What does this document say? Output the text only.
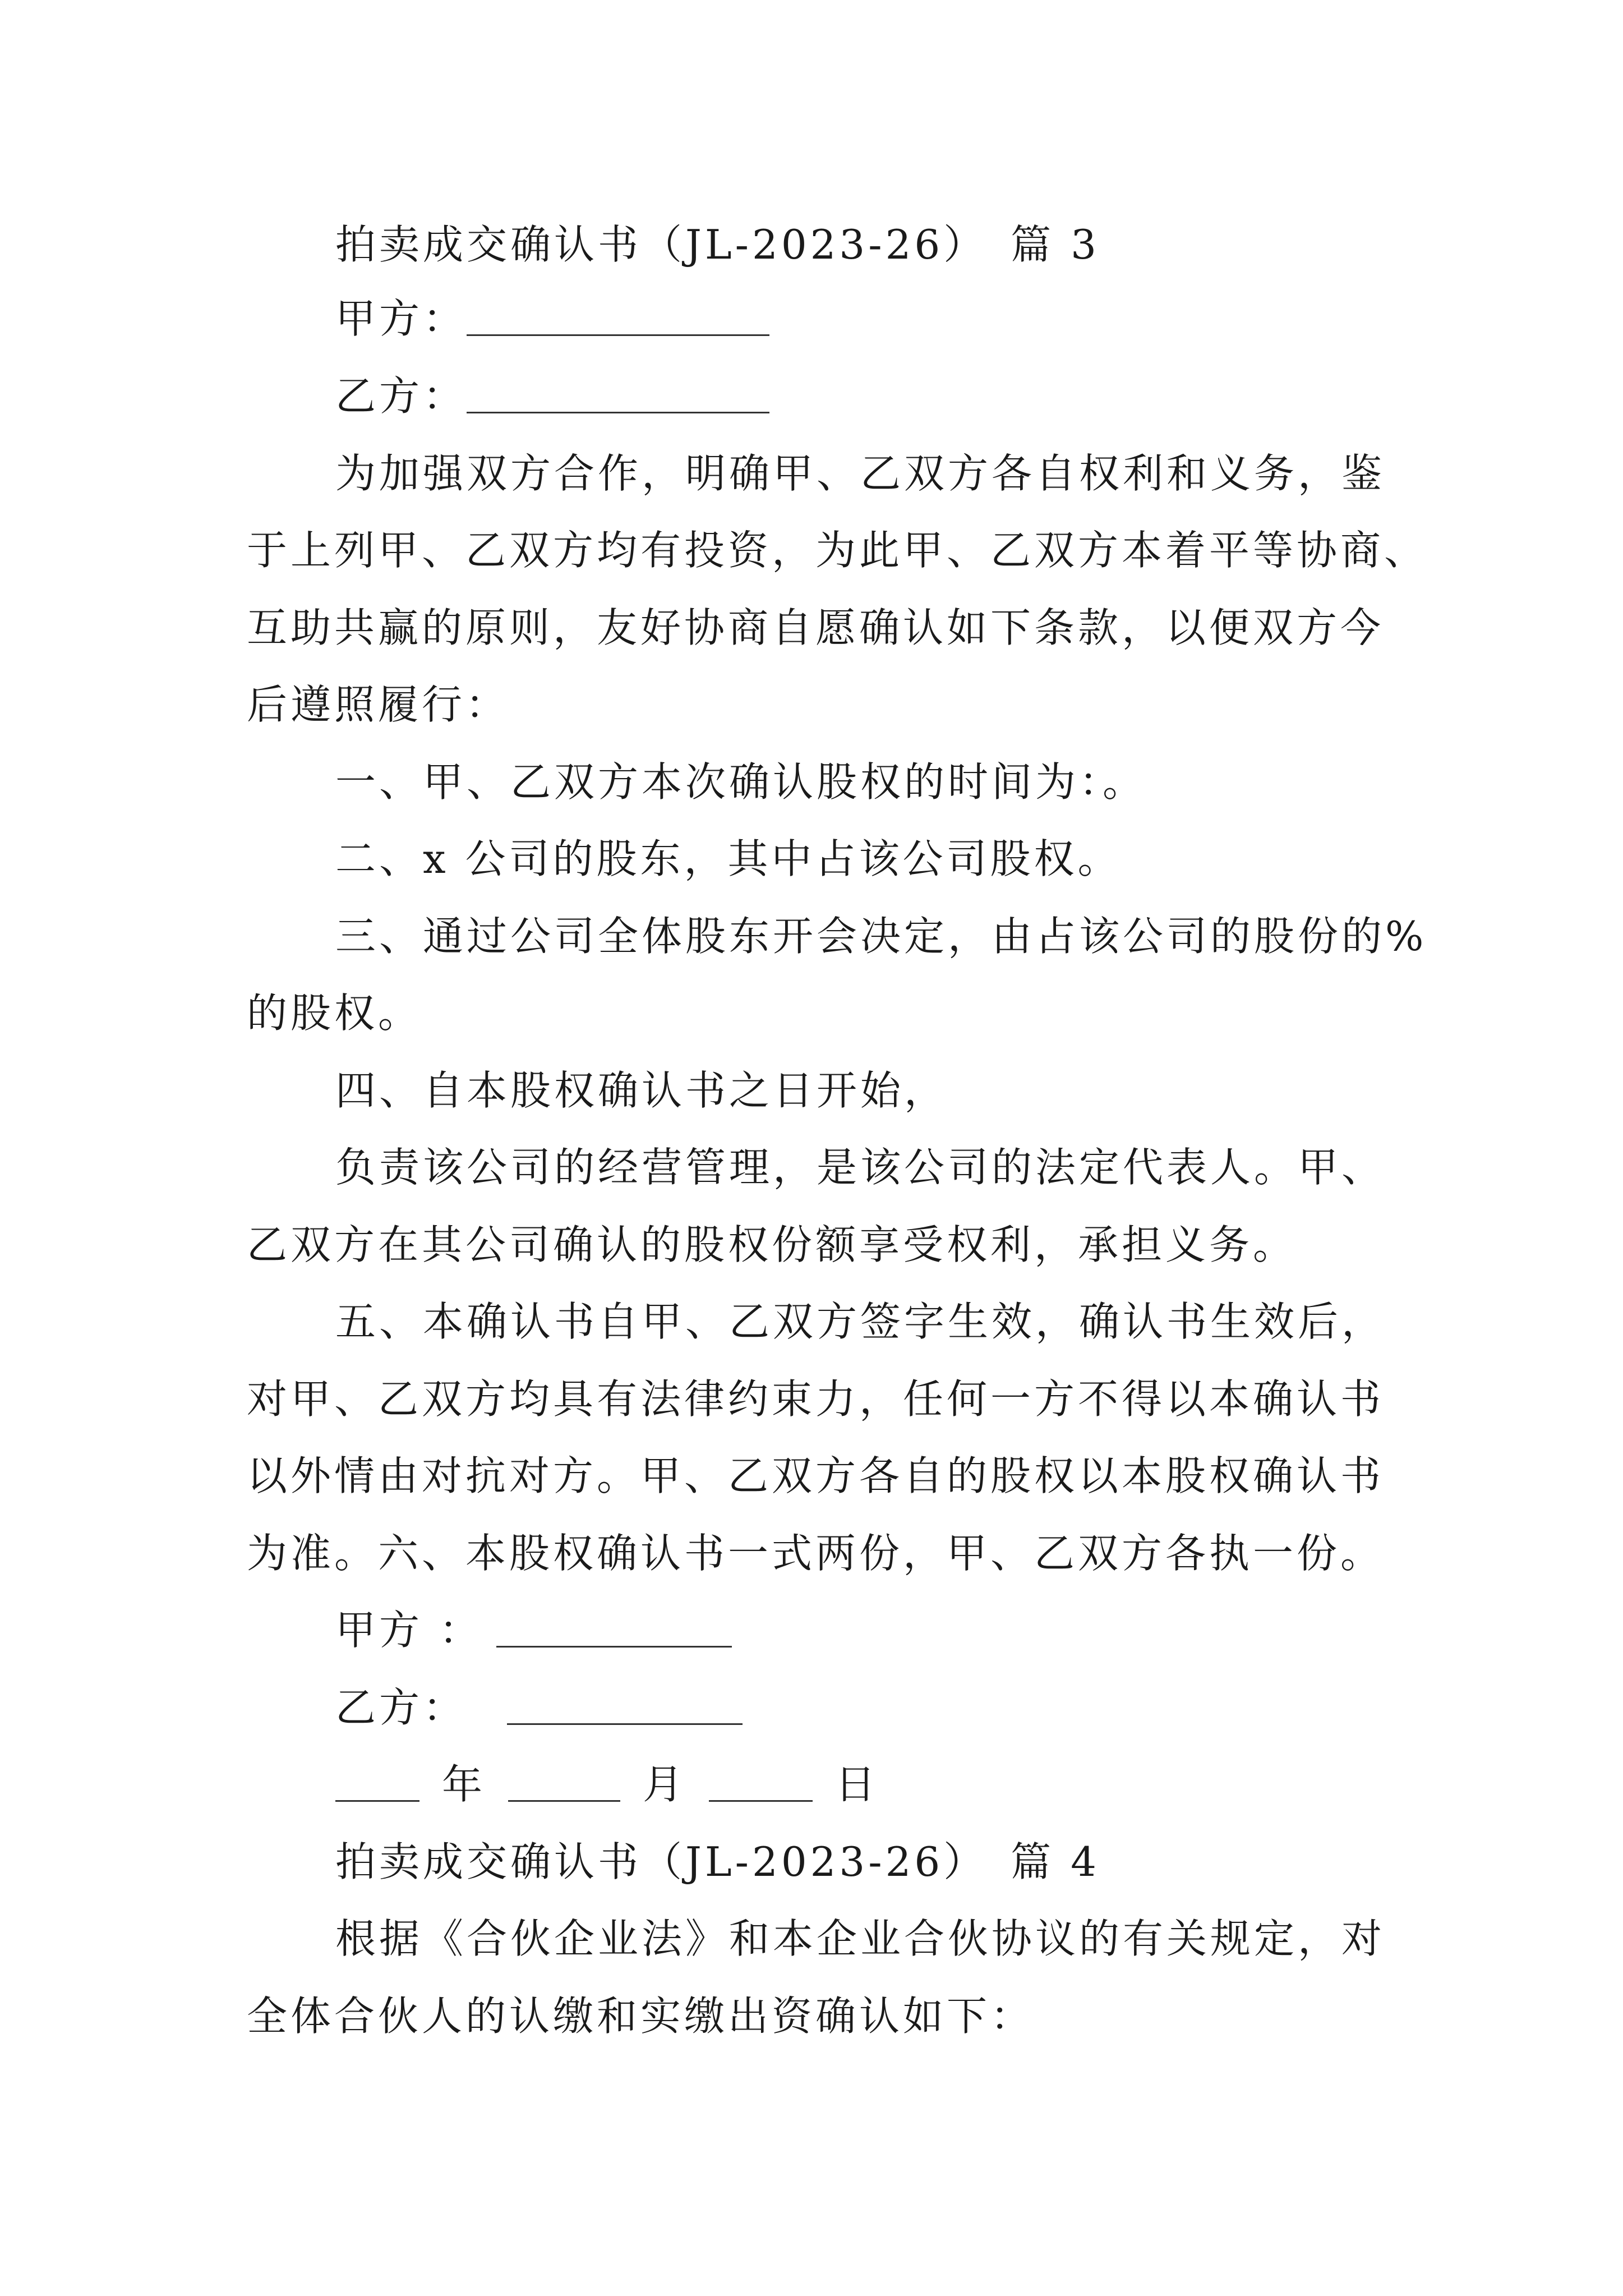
拍卖成交确认书（JL-2023-26）　篇 3
甲方：
乙方：
为加强双方合作，明确甲、乙双方各自权利和义务，鉴
于上列甲、乙双方均有投资，为此甲、乙双方本着平等协商、
互助共赢的原则，友好协商自愿确认如下条款，以便双方今
后遵照履行：
一、甲、乙双方本次确认股权的时间为：。
二、x 公司的股东，其中占该公司股权。
三、通过公司全体股东开会决定，由占该公司的股份的%
的股权。
四、自本股权确认书之日开始，
负责该公司的经营管理，是该公司的法定代表人。甲、
乙双方在其公司确认的股权份额享受权利，承担义务。
五、本确认书自甲、乙双方签字生效，确认书生效后，
对甲、乙双方均具有法律约束力，任何一方不得以本确认书
以外情由对抗对方。甲、乙双方各自的股权以本股权确认书
为准。六、本股权确认书一式两份，甲、乙双方各执一份。
甲方 ：
乙方：
年	月	日
拍卖成交确认书（JL-2023-26）　篇 4
根据《合伙企业法》和本企业合伙协议的有关规定，对
全体合伙人的认缴和实缴出资确认如下：
